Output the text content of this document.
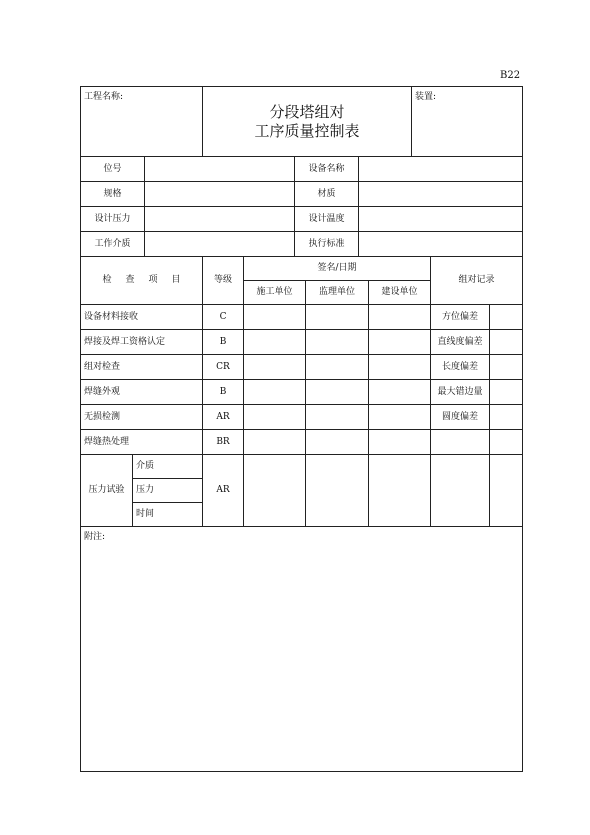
B22
工程名称:	
分段塔组对
工序质量控制表
	装置:
位号		设备名称	
规格		材质	
设计压力		设计温度	
工作介质		执行标准	
检查项目		等级	签名/日期			组对记录	
			施工单位	监理单位	建设单位		
设备材料接收		C				方位偏差	
焊接及焊工资格认定		B				直线度偏差	
组对检查		CR				长度偏差	
焊缝外观		B				最大错边量	
无损检测		AR				圆度偏差	
焊缝热处理		BR					
压力试验	介质	AR					
	压力						
	时间						
附注:							
